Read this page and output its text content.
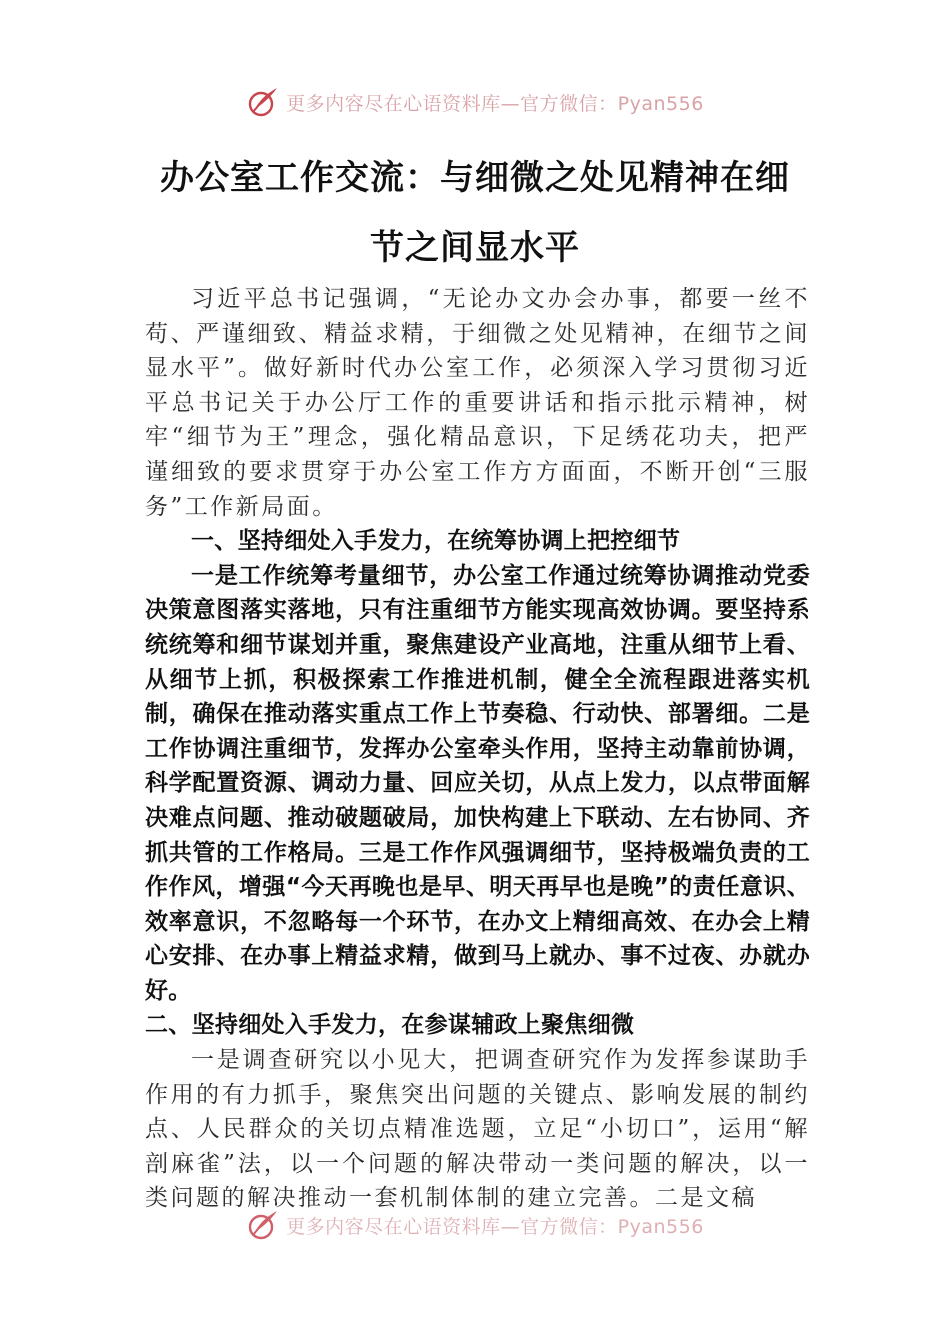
更多内容尽在心语资料库—官方微信：Pyan556
办公室工作交流：与细微之处见精神在细
节之间显水平

习近平总书记强调，“无论办文办会办事，都要一丝不苟、严谨细致、精益求精，于细微之处见精神，在细节之间显水平”。做好新时代办公室工作，必须深入学习贯彻习近平总书记关于办公厅工作的重要讲话和指示批示精神，树牢“细节为王”理念，强化精品意识，下足绣花功夫，把严谨细致的要求贯穿于办公室工作方方面面，不断开创“三服务”工作新局面。

一、坚持细处入手发力，在统筹协调上把控细节

一是工作统筹考量细节，办公室工作通过统筹协调推动党委决策意图落实落地，只有注重细节方能实现高效协调。要坚持系统统筹和细节谋划并重，聚焦建设产业高地，注重从细节上看、从细节上抓，积极探索工作推进机制，健全全流程跟进落实机制，确保在推动落实重点工作上节奏稳、行动快、部署细。二是工作协调注重细节，发挥办公室牵头作用，坚持主动靠前协调，科学配置资源、调动力量、回应关切，从点上发力，以点带面解决难点问题、推动破题破局，加快构建上下联动、左右协同、齐抓共管的工作格局。三是工作作风强调细节，坚持极端负责的工作作风，增强“今天再晚也是早、明天再早也是晚”的责任意识、效率意识，不忽略每一个环节，在办文上精细高效、在办会上精心安排、在办事上精益求精，做到马上就办、事不过夜、办就办好。

二、坚持细处入手发力，在参谋辅政上聚焦细微

一是调查研究以小见大，把调查研究作为发挥参谋助手作用的有力抓手，聚焦突出问题的关键点、影响发展的制约点、人民群众的关切点精准选题，立足“小切口”，运用“解剖麻雀”法，以一个问题的解决带动一类问题的解决，以一类问题的解决推动一套机制体制的建立完善。二是文稿

更多内容尽在心语资料库—官方微信：Pyan556
